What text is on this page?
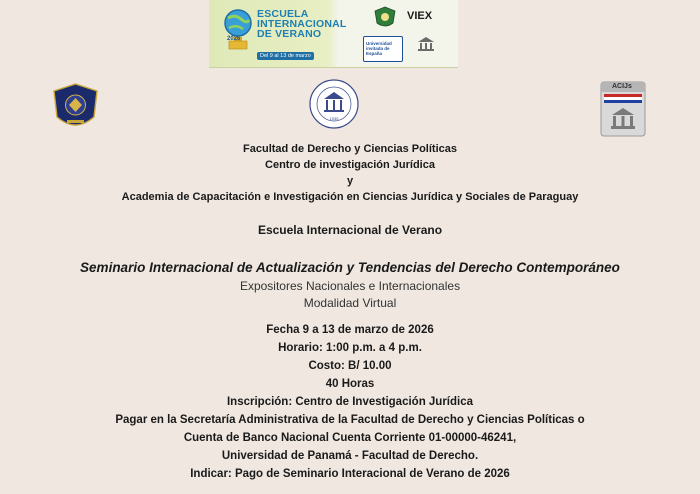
ESCUELA
INTERNACIONAL
DE VERANO
2026
Del 9 al 13 de marzo
VIEX

Universidad
invitada de
España
1935
ACIJs
Facultad de Derecho y Ciencias Políticas
Centro de investigación Jurídica
y
Academia de Capacitación e Investigación en Ciencias Jurídica y Sociales de Paraguay
Escuela Internacional de Verano
Seminario Internacional de Actualización y Tendencias del Derecho Contemporáneo
Expositores Nacionales e Internacionales
Modalidad Virtual
Fecha 9 a 13 de marzo de 2026
Horario: 1:00 p.m. a 4 p.m.
Costo: B/ 10.00
40 Horas
Inscripción: Centro de Investigación Jurídica
Pagar en la Secretaría Administrativa de la Facultad de Derecho y Ciencias Políticas o
Cuenta de Banco Nacional Cuenta Corriente 01-00000-46241,
Universidad de Panamá - Facultad de Derecho.
Indicar: Pago de Seminario Interacional de Verano de 2026
